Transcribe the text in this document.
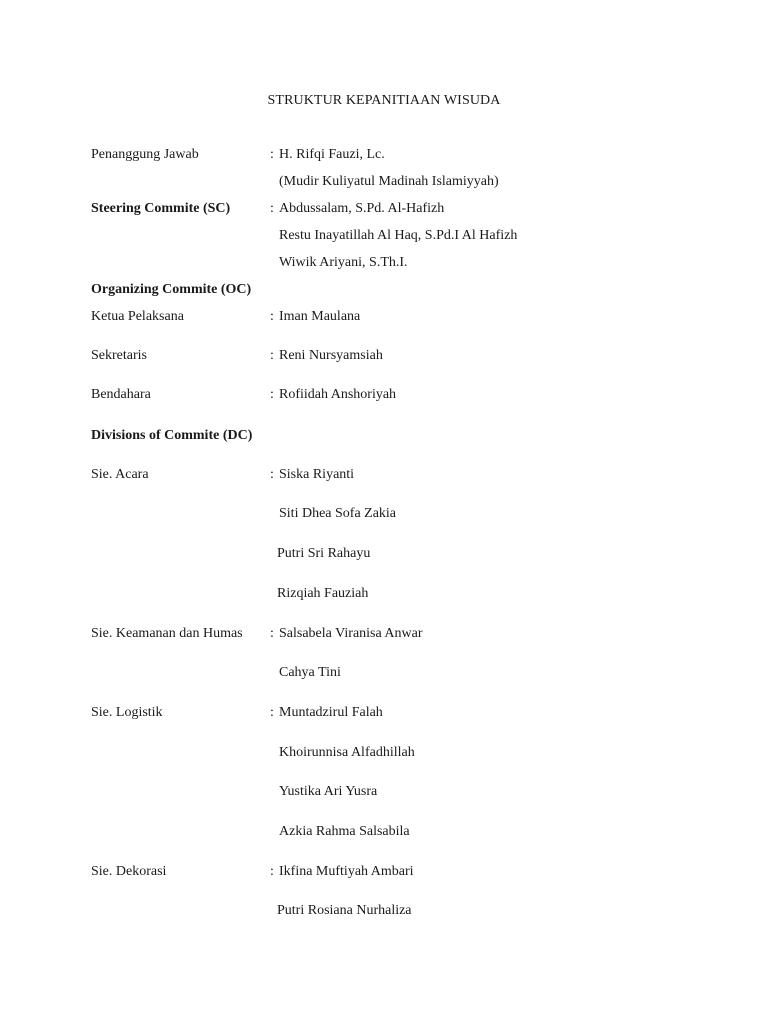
STRUKTUR KEPANITIAAN WISUDA
Penanggung Jawab	: H. Rifqi Fauzi, Lc.
(Mudir Kuliyatul Madinah Islamiyyah)
Steering Commite (SC)	: Abdussalam, S.Pd. Al-Hafizh
Restu Inayatillah Al Haq, S.Pd.I Al Hafizh
Wiwik Ariyani, S.Th.I.
Organizing Commite (OC)
Ketua Pelaksana	: Iman Maulana
Sekretaris	: Reni Nursyamsiah
Bendahara	: Rofiidah Anshoriyah
Divisions of Commite (DC)
Sie. Acara	: Siska Riyanti
Siti Dhea Sofa Zakia
Putri Sri Rahayu
Rizqiah Fauziah
Sie. Keamanan dan Humas : Salsabela Viranisa Anwar
Cahya Tini
Sie. Logistik	: Muntadzirul Falah
Khoirunnisa Alfadhillah
Yustika Ari Yusra
Azkia Rahma Salsabila
Sie. Dekorasi	: Ikfina Muftiyah Ambari
Putri Rosiana Nurhaliza
